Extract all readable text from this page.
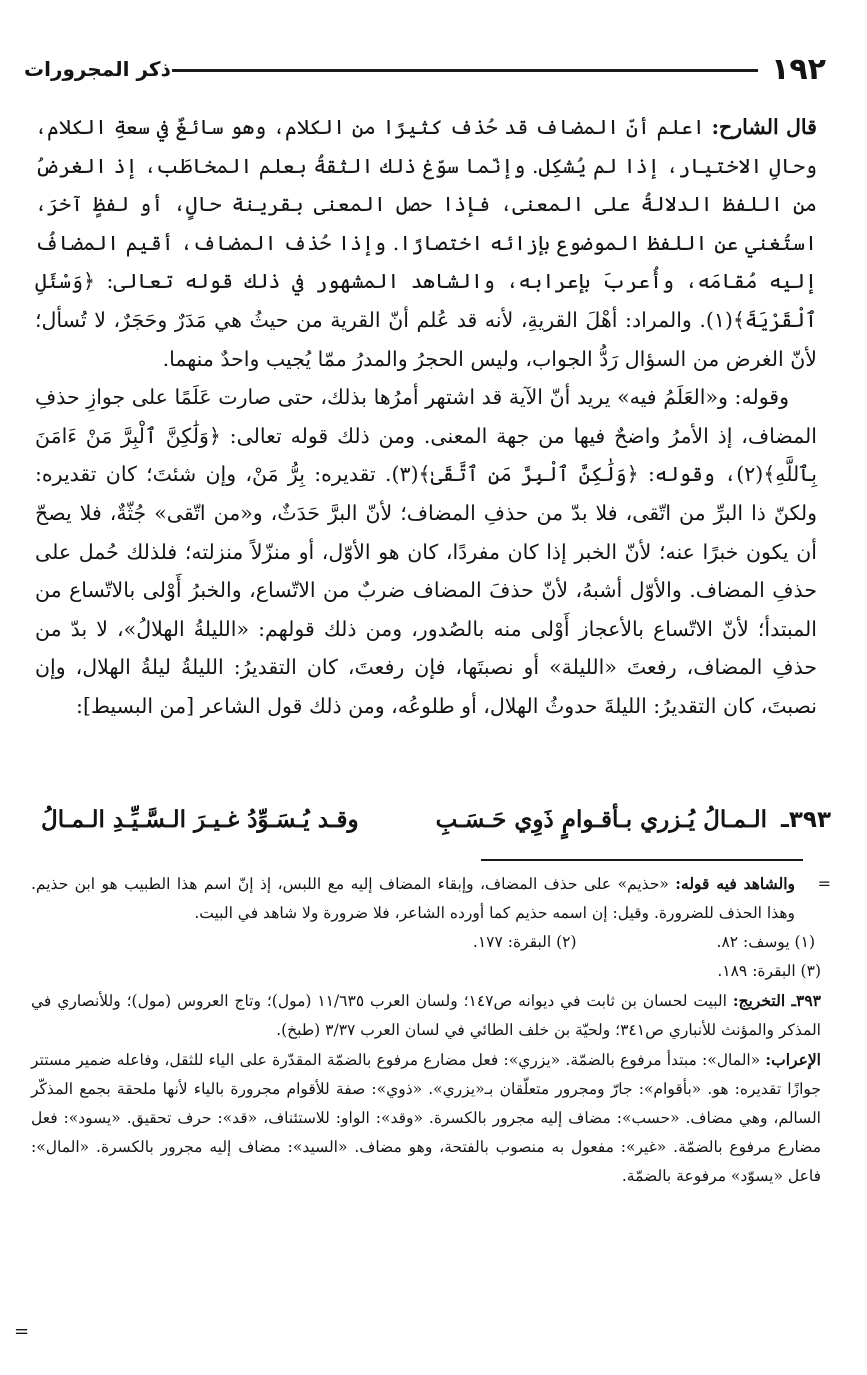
١٩٢
ذكر المجرورات

قال الشارح: اعلم أنّ المضاف قد حُذف كثيرًا من الكلام، وهو سائغٌ في سعةِ الكلام، وحالِ الاختيار، إذا لم يُشكِل. وإنّما سوّغ ذلك الثقةُ بعلم المخاطَب، إذ الغرضُ من اللفظ الدلالةُ على المعنى، فإذا حصل المعنى بقرينة حالٍ، أو لفظٍ آخرَ، استُغني عن اللفظ الموضوع بإزائه اختصارًا. وإذا حُذف المضاف، أقيم المضافُ إليه مُقامَه، وأُعربَ بإعرابه، والشاهد المشهور في ذلك قوله تعالى: ﴿وَسْئَلِ ٱلْقَرْيَةَ﴾(١). والمراد: أهْلَ القريةِ، لأنه قد عُلم أنّ القرية من حيثُ هي مَدَرٌ وحَجَرٌ، لا تُسأل؛ لأنّ الغرض من السؤال رَدُّ الجواب، وليس الحجرُ والمدرُ ممّا يُجيب واحدٌ منهما.

وقوله: و«العَلَمُ فيه» يريد أنّ الآية قد اشتهر أمرُها بذلك، حتى صارت عَلَمًا على جوازِ حذفِ المضاف، إذ الأمرُ واضحٌ فيها من جهة المعنى. ومن ذلك قوله تعالى: ﴿وَلَٰكِنَّ ٱلْبِرَّ مَنْ ءَامَنَ بِٱللَّهِ﴾(٢)، وقوله: ﴿وَلَٰكِنَّ ٱلْبِرَّ مَنِ ٱتَّقَىٰ﴾(٣). تقديره: بِرُّ مَنْ، وإن شئتَ؛ كان تقديره: ولكنّ ذا البرِّ من اتّقى، فلا بدّ من حذفِ المضاف؛ لأنّ البرَّ حَدَثٌ، و«من اتّقى» جُثّةٌ، فلا يصحّ أن يكون خبرًا عنه؛ لأنّ الخبر إذا كان مفردًا، كان هو الأوّل، أو منزّلاً منزلته؛ فلذلك حُمل على حذفِ المضاف. والأوّل أشبهُ، لأنّ حذفَ المضاف ضربٌ من الاتّساع، والخبرُ أَوْلى بالاتّساع من المبتدأ؛ لأنّ الاتّساع بالأعجاز أَوْلى منه بالصُدور، ومن ذلك قولهم: «الليلةُ الهلالُ»، لا بدّ من حذفِ المضاف، رفعتَ «الليلة» أو نصبتَها، فإن رفعتَ، كان التقديرُ: الليلةُ ليلةُ الهلال، وإن نصبتَ، كان التقديرُ: الليلةَ حدوثُ الهلال، أو طلوعُه، ومن ذلك قول الشاعر [من البسيط]:

٣٩٣ـ
الـمـالُ يُـزري بـأقـوامٍ ذَوِي حَـسَـبِ
وقـد يُـسَـوِّدُ غـيـرَ الـسَّـيِّـدِ الـمـالُ
=

والشاهد فيه قوله: «حذيم» على حذف المضاف، وإبقاء المضاف إليه مع اللبس، إذ إنّ اسم هذا الطبيب هو ابن حذيم. وهذا الحذف للضرورة. وقيل: إن اسمه حذيم كما أورده الشاعر، فلا ضرورة ولا شاهد في البيت.

(١) يوسف: ٨٢.
(٢) البقرة: ١٧٧.

(٣) البقرة: ١٨٩.

٣٩٣ـ التخريج: البيت لحسان بن ثابت في ديوانه ص١٤٧؛ ولسان العرب ١١/٦٣٥ (مول)؛ وتاج العروس (مول)؛ وللأنصاري في المذكر والمؤنث للأنباري ص٣٤١؛ ولحيّة بن خلف الطائي في لسان العرب ٣/٣٧ (طبخ).

الإعراب: «المال»: مبتدأ مرفوع بالضمّة. «يزري»: فعل مضارع مرفوع بالضمّة المقدّرة على الياء للثقل، وفاعله ضمير مستتر جوازًا تقديره: هو. «بأقوام»: جارّ ومجرور متعلّقان بـ«يزري». «ذوي»: صفة للأقوام مجرورة بالياء لأنها ملحقة بجمع المذكّر السالم، وهي مضاف. «حسب»: مضاف إليه مجرور بالكسرة. «وقد»: الواو: للاستئناف، «قد»: حرف تحقيق. «يسود»: فعل مضارع مرفوع بالضمّة. «غير»: مفعول به منصوب بالفتحة، وهو مضاف. «السيد»: مضاف إليه مجرور بالكسرة. «المال»: فاعل «يسوّد» مرفوعة بالضمّة.

=
